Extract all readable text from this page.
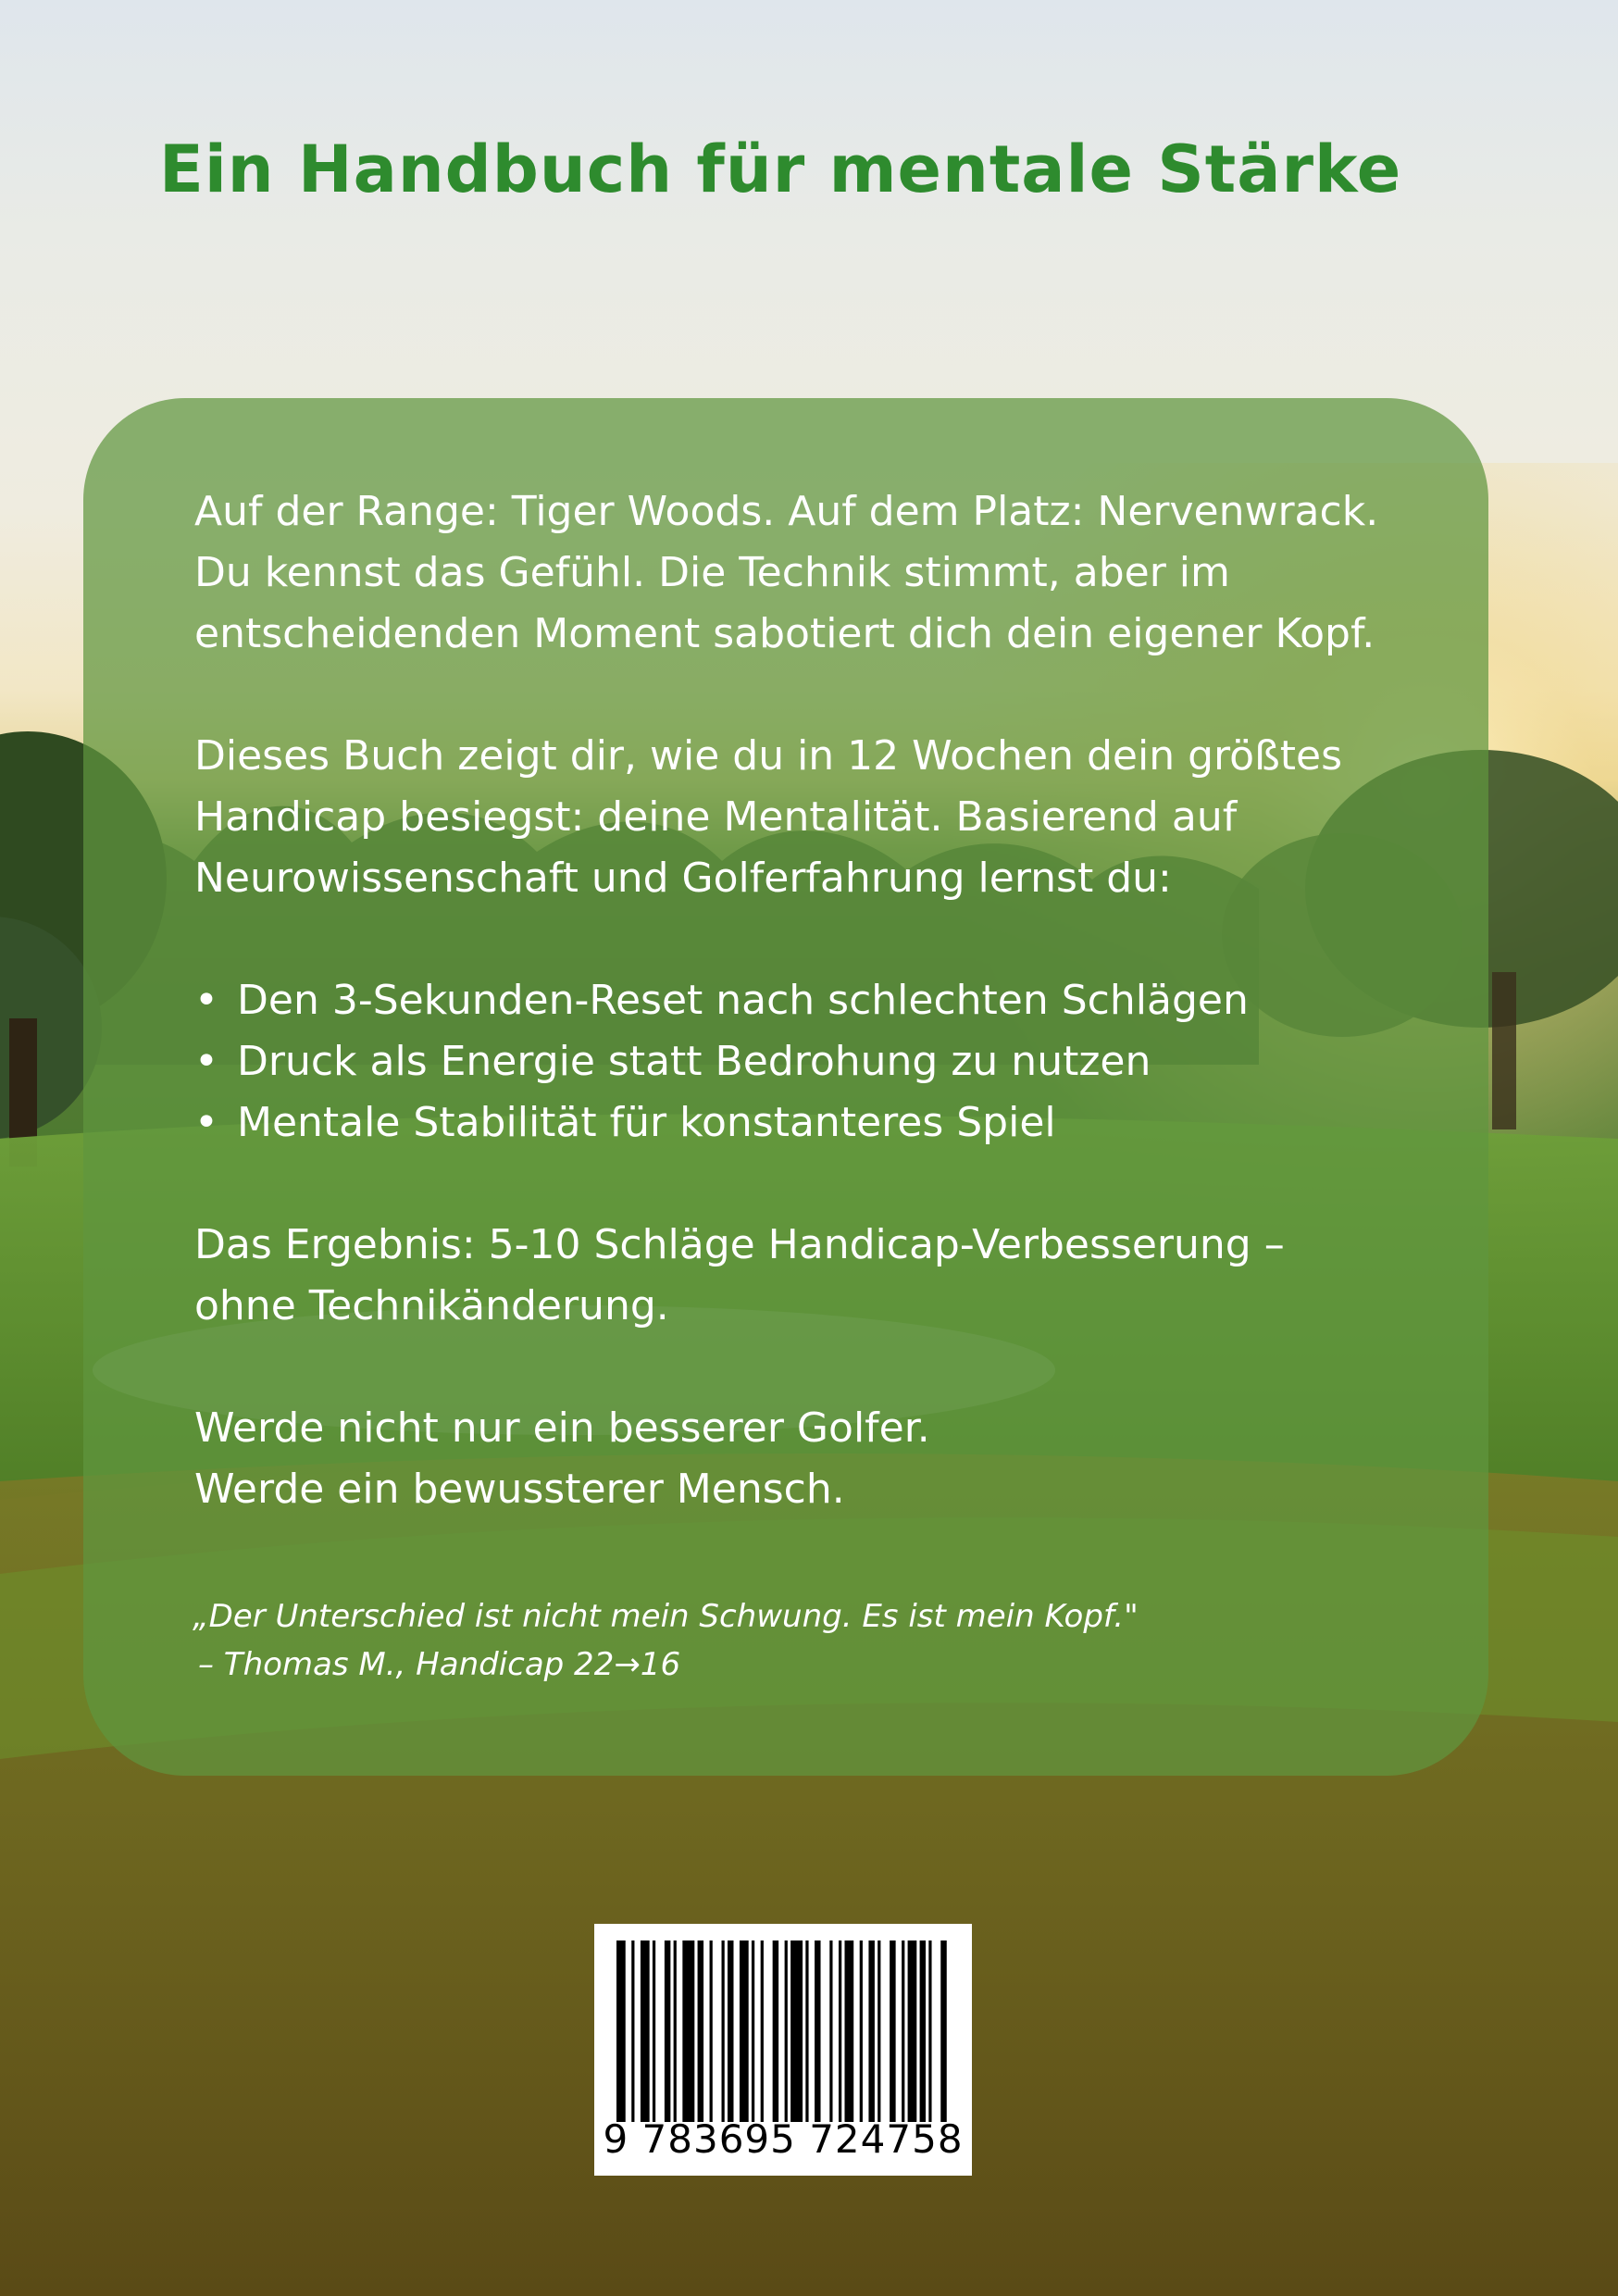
Ein Handbuch für mentale Stärke

Auf der Range: Tiger Woods. Auf dem Platz: Nervenwrack.

Du kennst das Gefühl. Die Technik stimmt, aber im

entscheidenden Moment sabotiert dich dein eigener Kopf.

Dieses Buch zeigt dir, wie du in 12 Wochen dein größtes

Handicap besiegst: deine Mentalität. Basierend auf

Neurowissenschaft und Golferfahrung lernst du:

• Den 3-Sekunden-Reset nach schlechten Schlägen
• Druck als Energie statt Bedrohung zu nutzen
• Mentale Stabilität für konstanteres Spiel

Das Ergebnis: 5-10 Schläge Handicap-Verbesserung –

ohne Technikänderung.

Werde nicht nur ein besserer Golfer.

Werde ein bewussterer Mensch.

„Der Unterschied ist nicht mein Schwung. Es ist mein Kopf."

– Thomas M., Handicap 22→16

9 783695 724758
